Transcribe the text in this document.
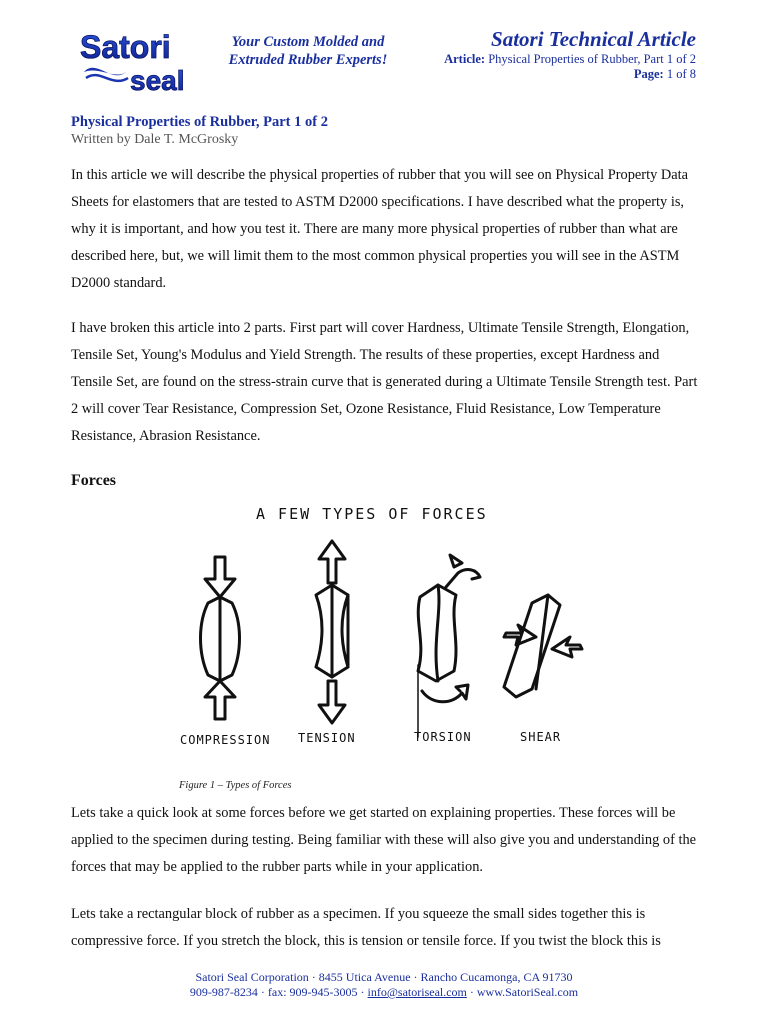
Satori
seal
Your Custom Molded and
Extruded Rubber Experts!
Satori Technical Article
Article: Physical Properties of Rubber, Part 1 of 2
Page: 1 of 8
Physical Properties of Rubber, Part 1 of 2
Written by Dale T. McGrosky

In this article we will describe the physical properties of rubber that you will see on Physical Property Data Sheets for elastomers that are tested to ASTM D2000 specifications. I have described what the property is, why it is important, and how you test it. There are many more physical properties of rubber than what are described here, but, we will limit them to the most common physical properties you will see in the ASTM D2000 standard.

I have broken this article into 2 parts. First part will cover Hardness, Ultimate Tensile Strength, Elongation, Tensile Set, Young's Modulus and Yield Strength. The results of these properties, except Hardness and Tensile Set, are found on the stress-strain curve that is generated during a Ultimate Tensile Strength test. Part 2 will cover Tear Resistance, Compression Set, Ozone Resistance, Fluid Resistance, Low Temperature Resistance, Abrasion Resistance.

Forces
A FEW TYPES OF FORCES
COMPRESSION TENSION	TORSION	SHEAR
Figure 1 – Types of Forces

Lets take a quick look at some forces before we get started on explaining properties. These forces will be applied to the specimen during testing. Being familiar with these will also give you and understanding of the forces that may be applied to the rubber parts while in your application.

Lets take a rectangular block of rubber as a specimen. If you squeeze the small sides together this is compressive force. If you stretch the block, this is tension or tensile force. If you twist the block this is

Satori Seal Corporation · 8455 Utica Avenue · Rancho Cucamonga, CA 91730
909-987-8234 · fax: 909-945-3005 · info@satoriseal.com · www.SatoriSeal.com
